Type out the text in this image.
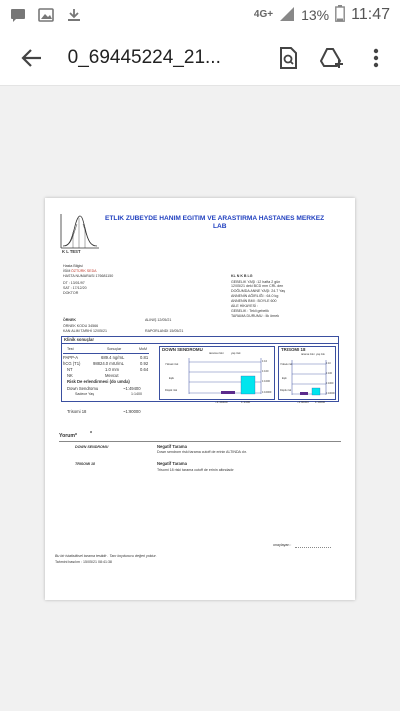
4G+ 13% 11:47
0_69445224_21...
K L TEST
ETLIK ZUBEYDE HANIM EGITIM VE ARASTIRMA HASTANES MERKEZ
LAB
Hasta Bilgisi
İSİM ÖZTÜRK SEDA
HASTA NUMARASI 176681150
DT : 13/01/97
SAT : 17/12/20
DOKTOR
KL N K B LG
GEBELIK YAŞI :12 hafta 2 gün
12/05/21 deki BCD mm CRL den
DOĞUMDA ANNE YAŞI: 24.7 Yaş
ANNENİN AĞIRLIĞI : 64.0 kg
ANNENİN BMI : BOYLE 600
AİLE HİKAYESİ :
GEBELIK : Tekli gebelik
TARAMA DURUMU : İlk örnek
ÖRNEK
ÖRNEK KODU 34566
KAN ALIM TARIHİ 12/05/21
ALINIŞ 12/05/21
RAPORLANDI 15/05/21
Klinik sonuçlar
Test	Sonuçlar	MoM
PAPP-A	689.4 ng/mL	0.81
hCG (T1)	98824.0 mIU/mL	0.92
NT	1.0 mm	0.64
NK	Mevcut
Risk De erlendirmesi (do umda)
Down Sendromu	~1:49400
Sadece Yaş	1:1400
Trisomi 18	~1:90000
DOWN SENDROMU
tarama riski	yaş risk
Yüksek risk
Eşik
Düşük risk
1:10
1:100
1:1000
1:10000
~1:49400	1:1400
TRISOMI 18
tarama riski yaş risk
Yüksek risk
Eşik
Düşük risk
1:10
1:100
1:1000
1:10000
~1:90000 1:10000
Yorum* *
DOWN SENDROMU	Negatif Tarama
Down sendrom riski tarama cutoff de erinin ALTINDA dır.
TRISOMI 18	Negatif Tarama
Trisomi 18 riski tarama cutoff de erinin altındadır
onaylayan :
Bu bir istatistiksel tarama testidir . Tanı koydurucu değeri yoktur.
Tahmini basılım : 15/05/21 08:41:38
